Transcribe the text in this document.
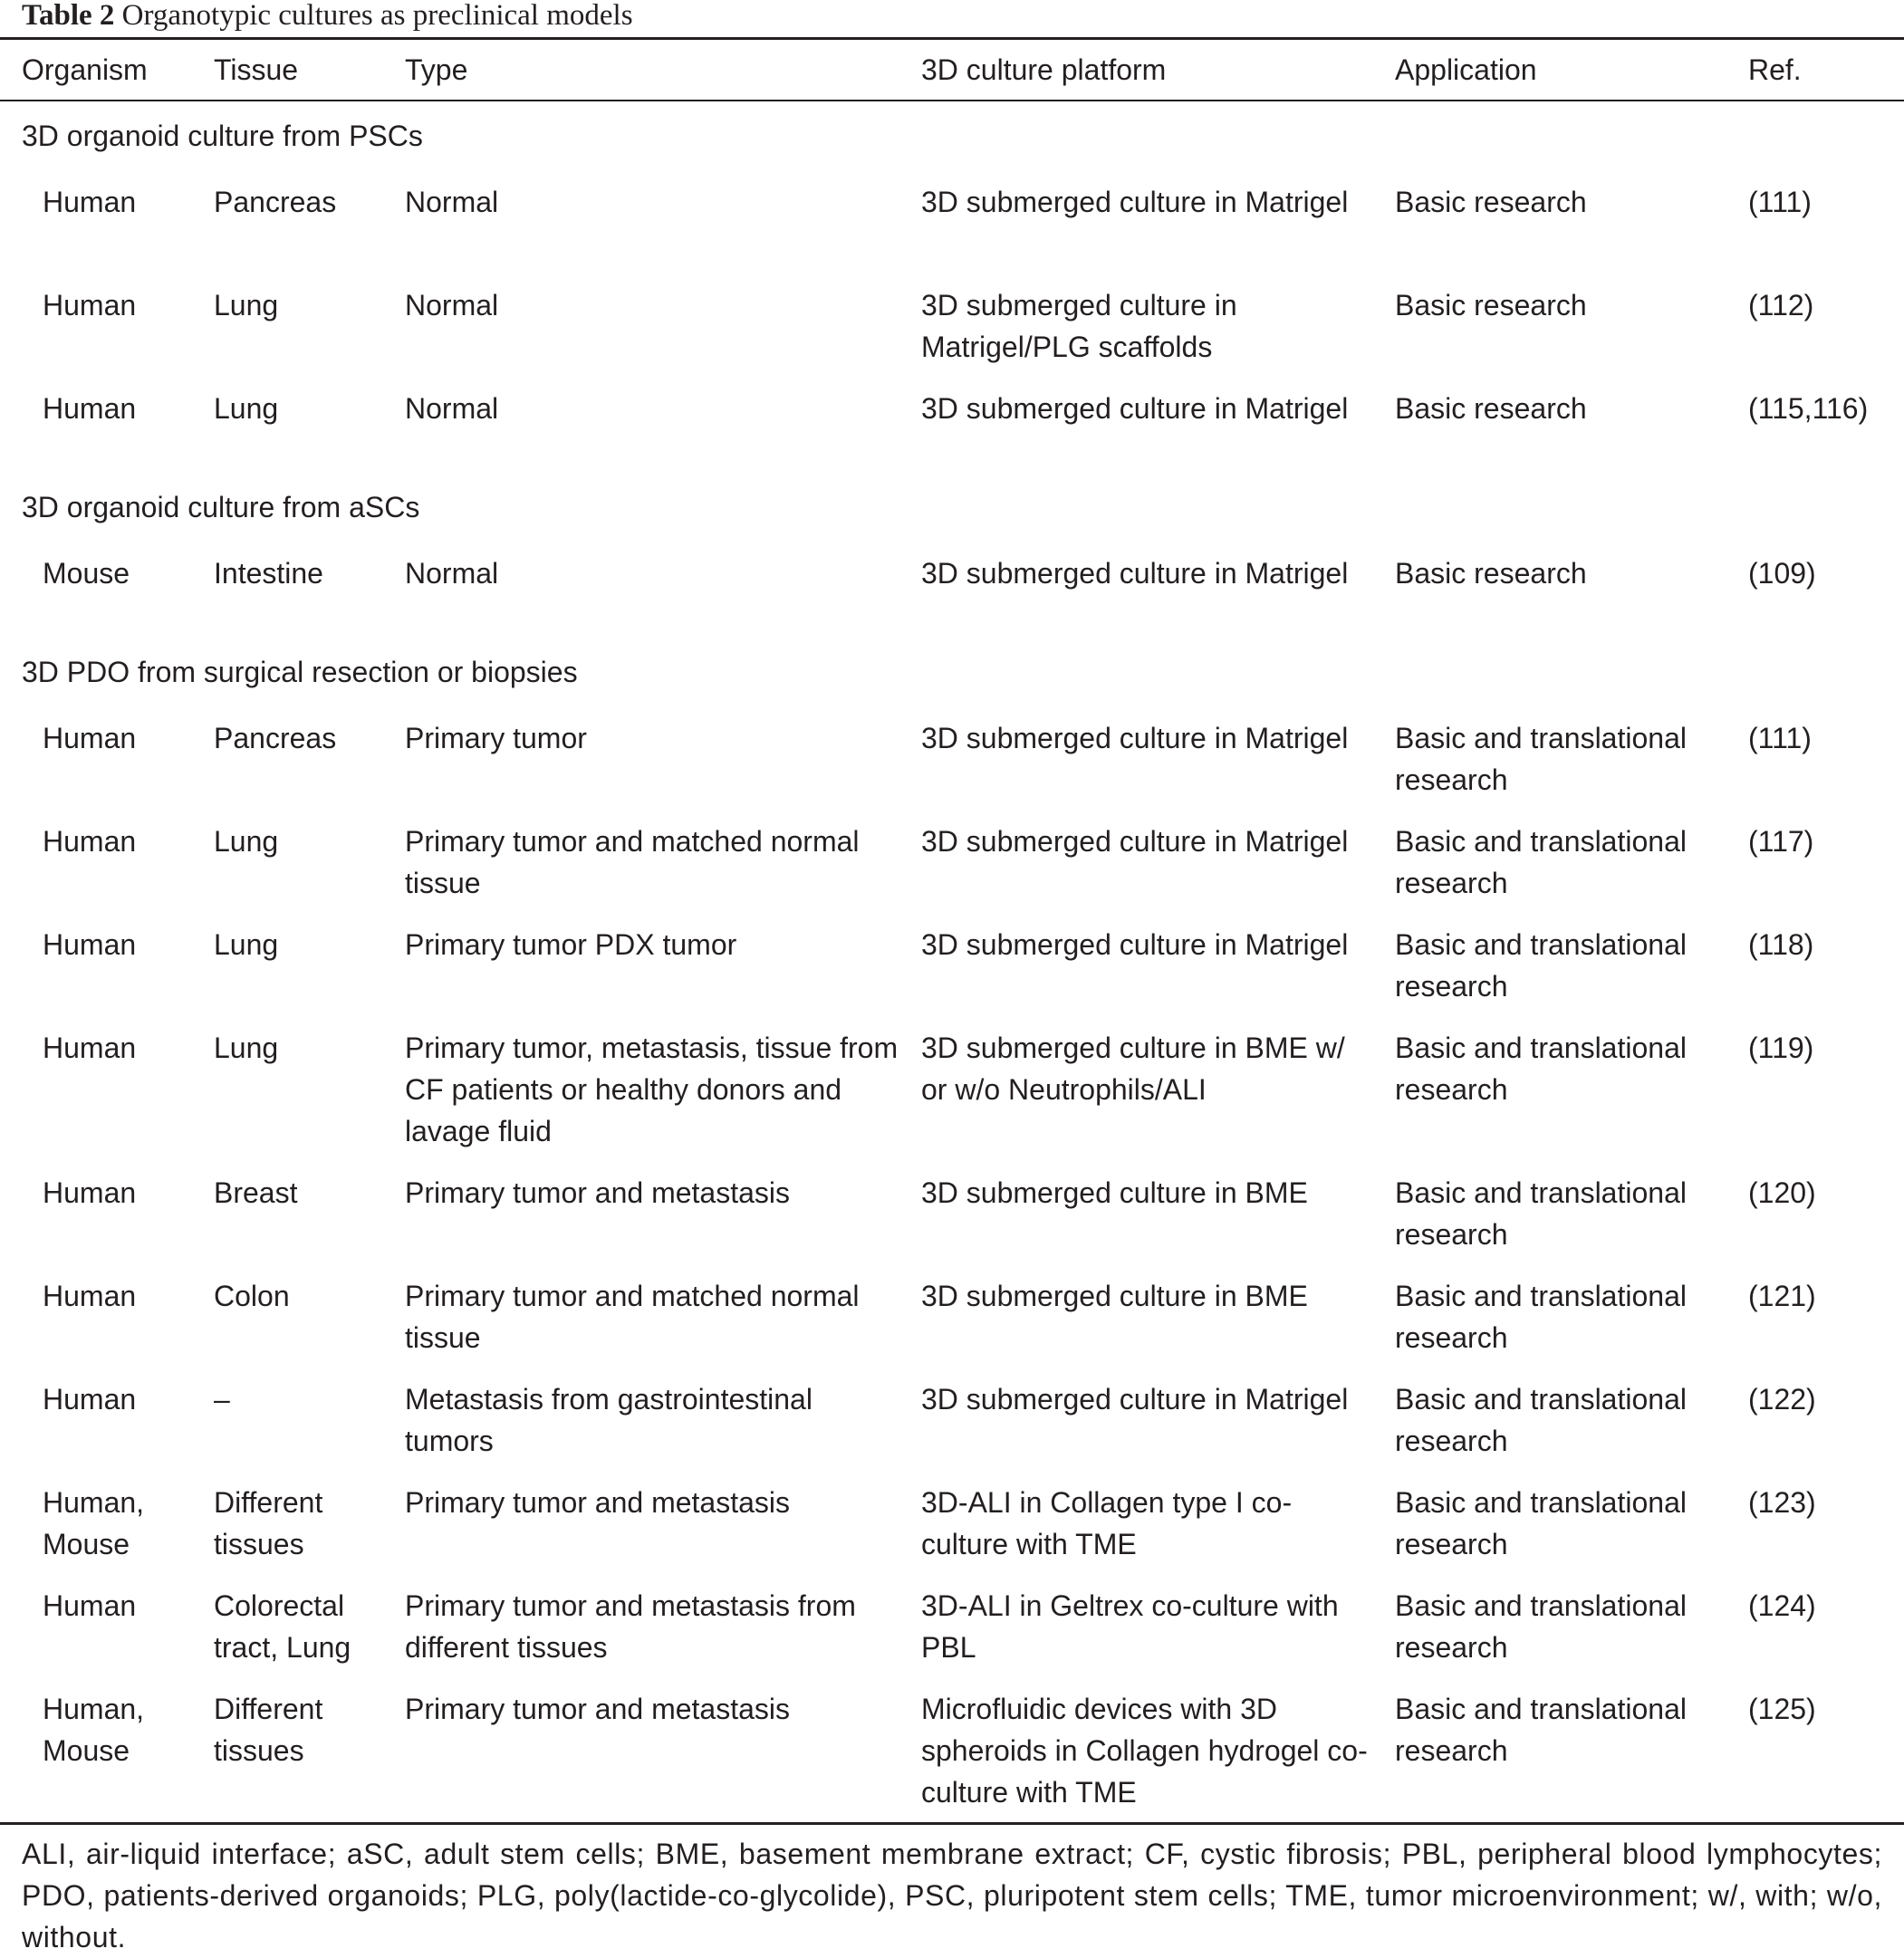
Table 2 Organotypic cultures as preclinical models
Organism	Tissue	Type	3D culture platform	Application	Ref.
3D organoid culture from PSCs					
Human	Pancreas	Normal	3D submerged culture in Matrigel	Basic research	(111)
Human	Lung	Normal	3D submerged culture in Matrigel/PLG scaffolds	Basic research	(112)
Human	Lung	Normal	3D submerged culture in Matrigel	Basic research	(115,116)
3D organoid culture from aSCs					
Mouse	Intestine	Normal	3D submerged culture in Matrigel	Basic research	(109)
3D PDO from surgical resection or biopsies					
Human	Pancreas	Primary tumor	3D submerged culture in Matrigel	Basic and translational research	(111)
Human	Lung	Primary tumor and matched normal tissue	3D submerged culture in Matrigel	Basic and translational research	(117)
Human	Lung	Primary tumor PDX tumor	3D submerged culture in Matrigel	Basic and translational research	(118)
Human	Lung	Primary tumor, metastasis, tissue from CF patients or healthy donors and lavage fluid	3D submerged culture in BME w/ or w/o Neutrophils/ALI	Basic and translational research	(119)
Human	Breast	Primary tumor and metastasis	3D submerged culture in BME	Basic and translational research	(120)
Human	Colon	Primary tumor and matched normal tissue	3D submerged culture in BME	Basic and translational research	(121)
Human	–	Metastasis from gastrointestinal tumors	3D submerged culture in Matrigel	Basic and translational research	(122)
Human, Mouse	Different tissues	Primary tumor and metastasis	3D-ALI in Collagen type I co-culture with TME	Basic and translational research	(123)
Human	Colorectal tract, Lung	Primary tumor and metastasis from different tissues	3D-ALI in Geltrex co-culture with PBL	Basic and translational research	(124)
Human, Mouse	Different tissues	Primary tumor and metastasis	Microfluidic devices with 3D spheroids in Collagen hydrogel co-culture with TME	Basic and translational research	(125)
ALI, air-liquid interface; aSC, adult stem cells; BME, basement membrane extract; CF, cystic fibrosis; PBL, peripheral blood lymphocytes; PDO, patients-derived organoids; PLG, poly(lactide-co-glycolide), PSC, pluripotent stem cells; TME, tumor microenvironment; w/, with; w/o, without.
